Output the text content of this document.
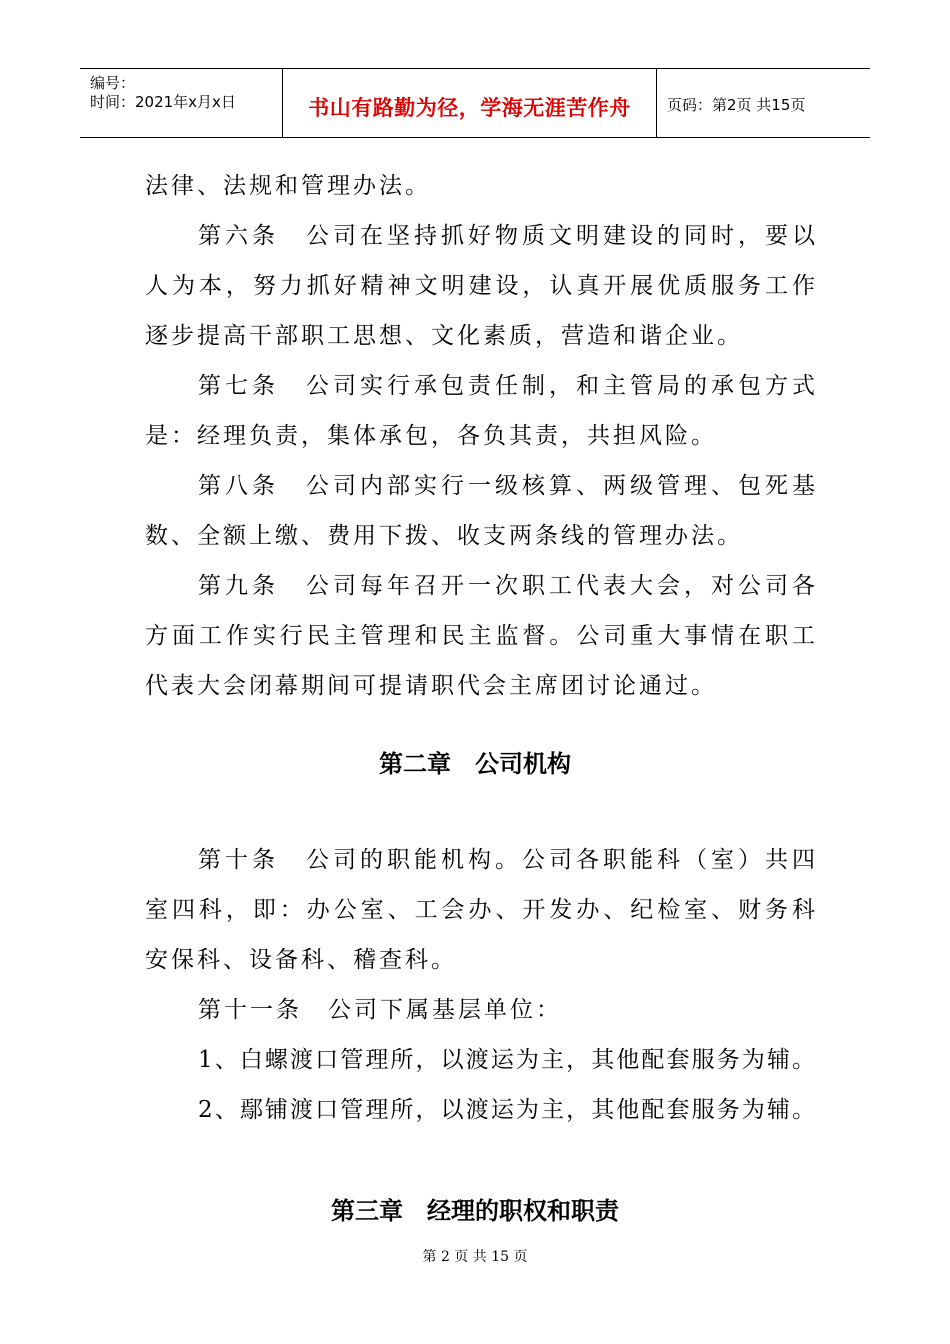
编号：
时间：2021年x月x日	书山有路勤为径，学海无涯苦作舟	页码：第2页 共15页
法律、法规和管理办法。
第六条　公司在坚持抓好物质文明建设的同时，要以
人为本，努力抓好精神文明建设，认真开展优质服务工作
逐步提高干部职工思想、文化素质，营造和谐企业。
第七条　公司实行承包责任制，和主管局的承包方式
是：经理负责，集体承包，各负其责，共担风险。
第八条　公司内部实行一级核算、两级管理、包死基
数、全额上缴、费用下拨、收支两条线的管理办法。
第九条　公司每年召开一次职工代表大会，对公司各
方面工作实行民主管理和民主监督。公司重大事情在职工
代表大会闭幕期间可提请职代会主席团讨论通过。
第二章　公司机构
第十条　公司的职能机构。公司各职能科（室）共四
室四科，即：办公室、工会办、开发办、纪检室、财务科
安保科、设备科、稽查科。
第十一条　公司下属基层单位：
1、白螺渡口管理所，以渡运为主，其他配套服务为辅。
2、鄢铺渡口管理所，以渡运为主，其他配套服务为辅。
第三章　经理的职权和职责
第 2 页 共 15 页
